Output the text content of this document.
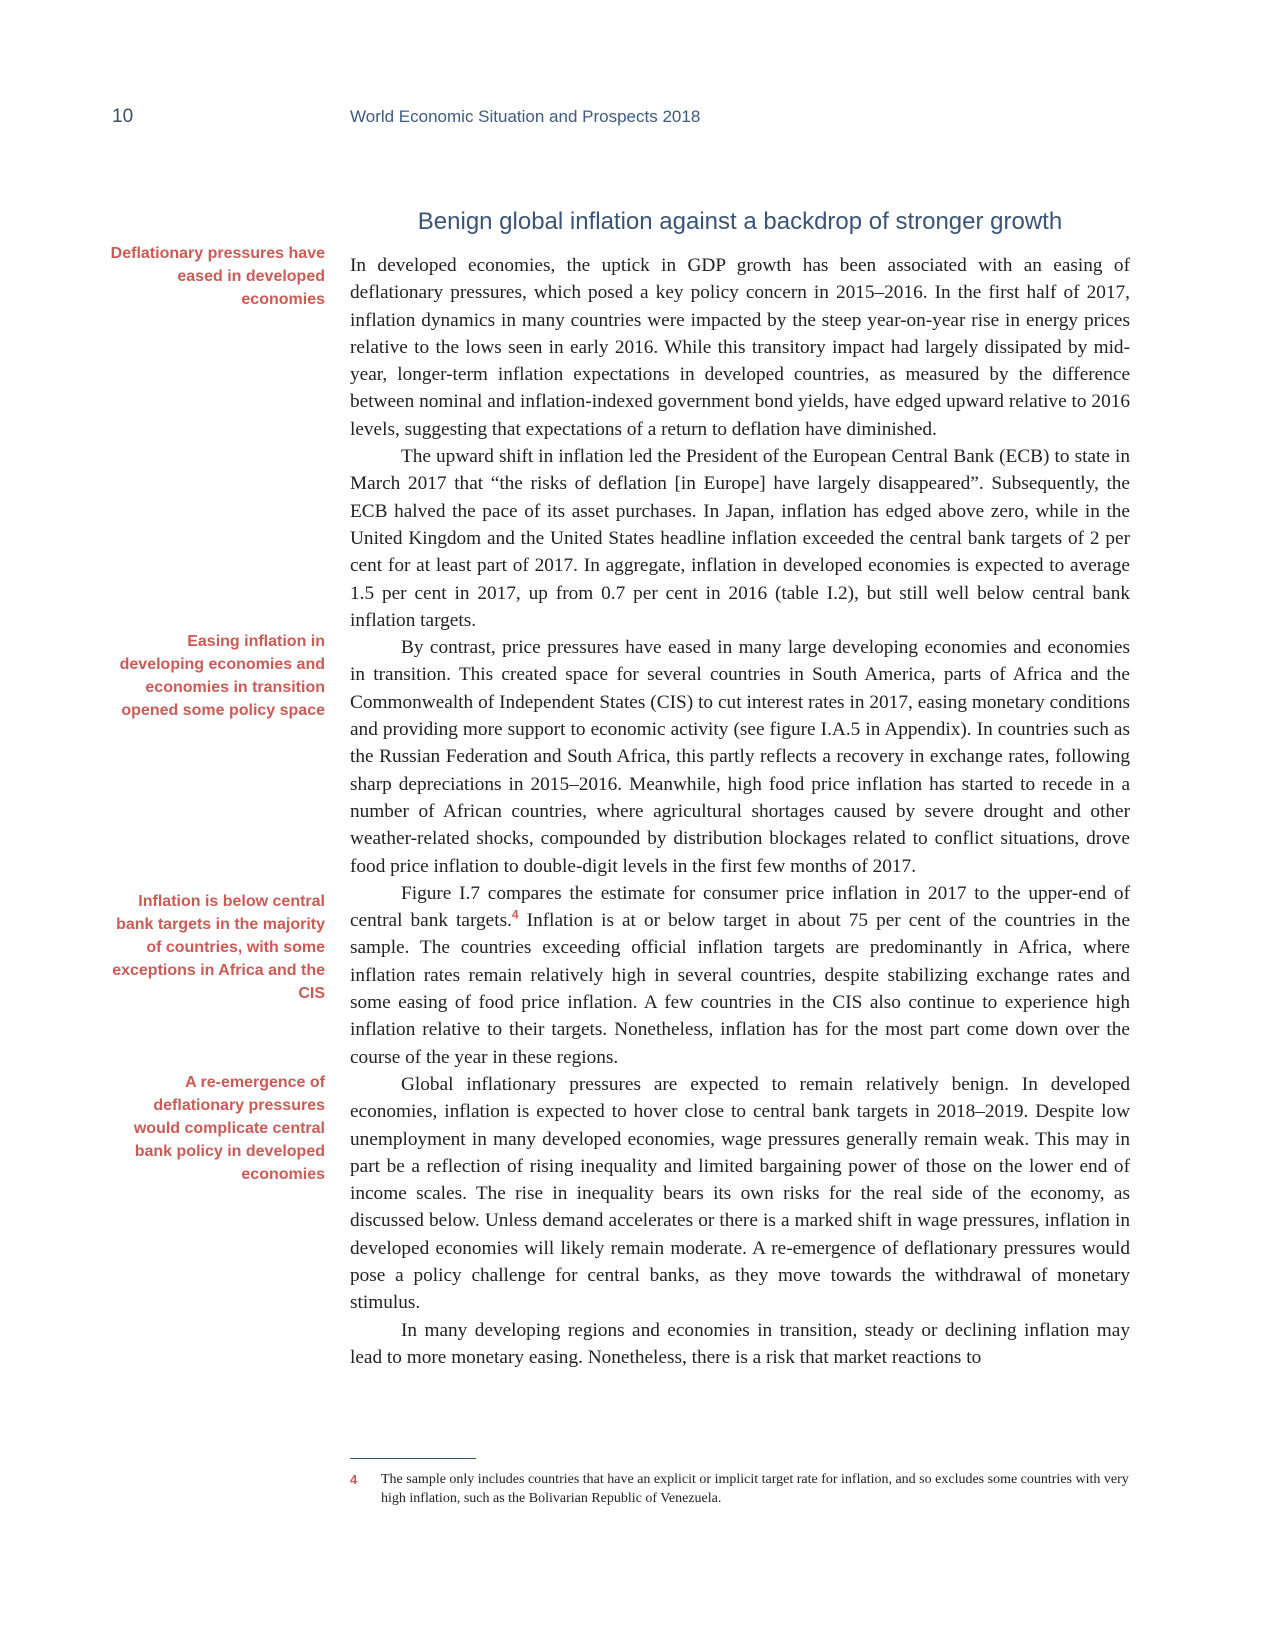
10	World Economic Situation and Prospects 2018
Benign global inflation against a backdrop of stronger growth
Deflationary pressures have eased in developed economies
Easing inflation in developing economies and economies in transition opened some policy space
Inflation is below central bank targets in the majority of countries, with some exceptions in Africa and the CIS
A re-emergence of deflationary pressures would complicate central bank policy in developed economies

In developed economies, the uptick in GDP growth has been associated with an easing of deflationary pressures, which posed a key policy concern in 2015–2016. In the first half of 2017, inflation dynamics in many countries were impacted by the steep year-on-year rise in energy prices relative to the lows seen in early 2016. While this transitory impact had largely dissipated by mid-year, longer-term inflation expectations in developed countries, as measured by the difference between nominal and inflation-indexed government bond yields, have edged upward relative to 2016 levels, suggesting that expectations of a return to deflation have diminished.

The upward shift in inflation led the President of the European Central Bank (ECB) to state in March 2017 that “the risks of deflation [in Europe] have largely disappeared”. Subsequently, the ECB halved the pace of its asset purchases. In Japan, inflation has edged above zero, while in the United Kingdom and the United States headline inflation exceeded the central bank targets of 2 per cent for at least part of 2017. In aggregate, inflation in developed economies is expected to average 1.5 per cent in 2017, up from 0.7 per cent in 2016 (table I.2), but still well below central bank inflation targets.

By contrast, price pressures have eased in many large developing economies and economies in transition. This created space for several countries in South America, parts of Africa and the Commonwealth of Independent States (CIS) to cut interest rates in 2017, easing monetary conditions and providing more support to economic activity (see figure I.A.5 in Appendix). In countries such as the Russian Federation and South Africa, this partly reflects a recovery in exchange rates, following sharp depreciations in 2015–2016. Meanwhile, high food price inflation has started to recede in a number of African countries, where agricultural shortages caused by severe drought and other weather-related shocks, compounded by distribution blockages related to conflict situations, drove food price inflation to double-digit levels in the first few months of 2017.

Figure I.7 compares the estimate for consumer price inflation in 2017 to the upper-end of central bank targets.$^4$ Inflation is at or below target in about 75 per cent of the countries in the sample. The countries exceeding official inflation targets are predominantly in Africa, where inflation rates remain relatively high in several countries, despite stabilizing exchange rates and some easing of food price inflation. A few countries in the CIS also continue to experience high inflation relative to their targets. Nonetheless, inflation has for the most part come down over the course of the year in these regions.

Global inflationary pressures are expected to remain relatively benign. In developed economies, inflation is expected to hover close to central bank targets in 2018–2019. Despite low unemployment in many developed economies, wage pressures generally remain weak. This may in part be a reflection of rising inequality and limited bargaining power of those on the lower end of income scales. The rise in inequality bears its own risks for the real side of the economy, as discussed below. Unless demand accelerates or there is a marked shift in wage pressures, inflation in developed economies will likely remain moderate. A re-emergence of deflationary pressures would pose a policy challenge for central banks, as they move towards the withdrawal of monetary stimulus.

In many developing regions and economies in transition, steady or declining inflation may lead to more monetary easing. Nonetheless, there is a risk that market reactions to

4 The sample only includes countries that have an explicit or implicit target rate for inflation, and so excludes some countries with very high inflation, such as the Bolivarian Republic of Venezuela.
